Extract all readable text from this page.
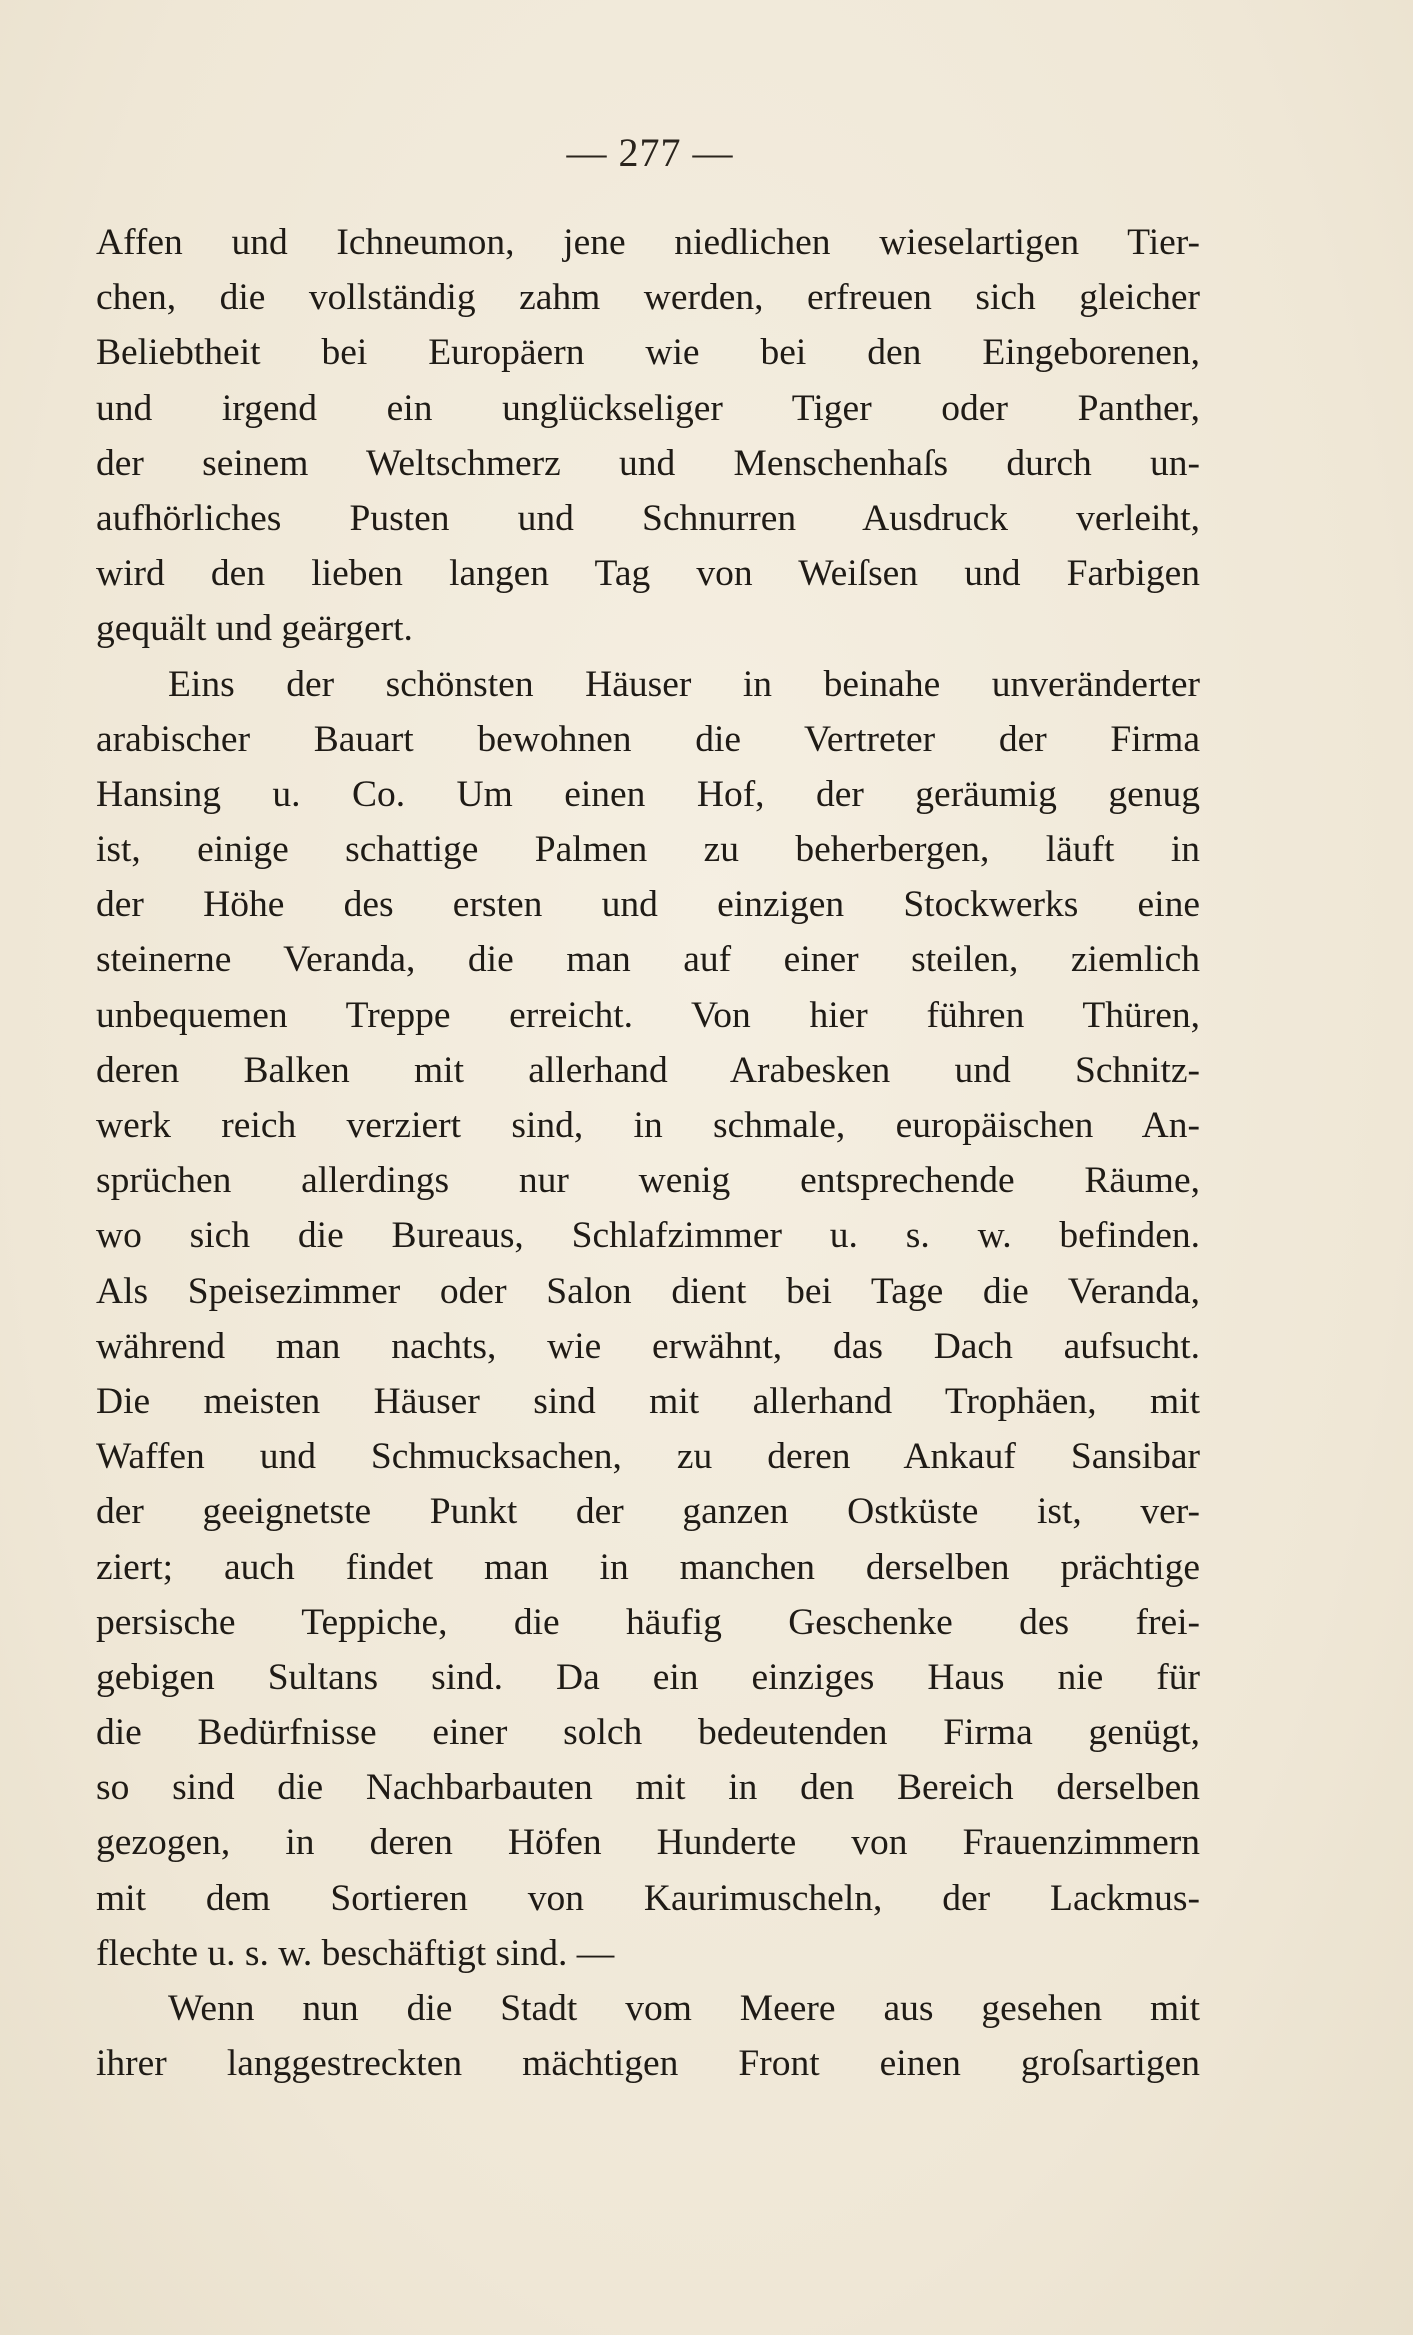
— 277 —
Affen und Ichneumon, jene niedlichen wieselartigen Tier-
chen, die vollständig zahm werden, erfreuen sich gleicher
Beliebtheit bei Europäern wie bei den Eingeborenen,
und irgend ein unglückseliger Tiger oder Panther,
der seinem Weltschmerz und Menschenhaſs durch un-
aufhörliches Pusten und Schnurren Ausdruck verleiht,
wird den lieben langen Tag von Weiſsen und Farbigen
gequält und geärgert.
Eins der schönsten Häuser in beinahe unveränderter
arabischer Bauart bewohnen die Vertreter der Firma
Hansing u. Co. Um einen Hof, der geräumig genug
ist, einige schattige Palmen zu beherbergen, läuft in
der Höhe des ersten und einzigen Stockwerks eine
steinerne Veranda, die man auf einer steilen, ziemlich
unbequemen Treppe erreicht. Von hier führen Thüren,
deren Balken mit allerhand Arabesken und Schnitz-
werk reich verziert sind, in schmale, europäischen An-
sprüchen allerdings nur wenig entsprechende Räume,
wo sich die Bureaus, Schlafzimmer u. s. w. befinden.
Als Speisezimmer oder Salon dient bei Tage die Veranda,
während man nachts, wie erwähnt, das Dach aufsucht.
Die meisten Häuser sind mit allerhand Trophäen, mit
Waffen und Schmucksachen, zu deren Ankauf Sansibar
der geeignetste Punkt der ganzen Ostküste ist, ver-
ziert; auch findet man in manchen derselben prächtige
persische Teppiche, die häufig Geschenke des frei-
gebigen Sultans sind. Da ein einziges Haus nie für
die Bedürfnisse einer solch bedeutenden Firma genügt,
so sind die Nachbarbauten mit in den Bereich derselben
gezogen, in deren Höfen Hunderte von Frauenzimmern
mit dem Sortieren von Kaurimuscheln, der Lackmus-
flechte u. s. w. beschäftigt sind. —
Wenn nun die Stadt vom Meere aus gesehen mit
ihrer langgestreckten mächtigen Front einen groſsartigen
